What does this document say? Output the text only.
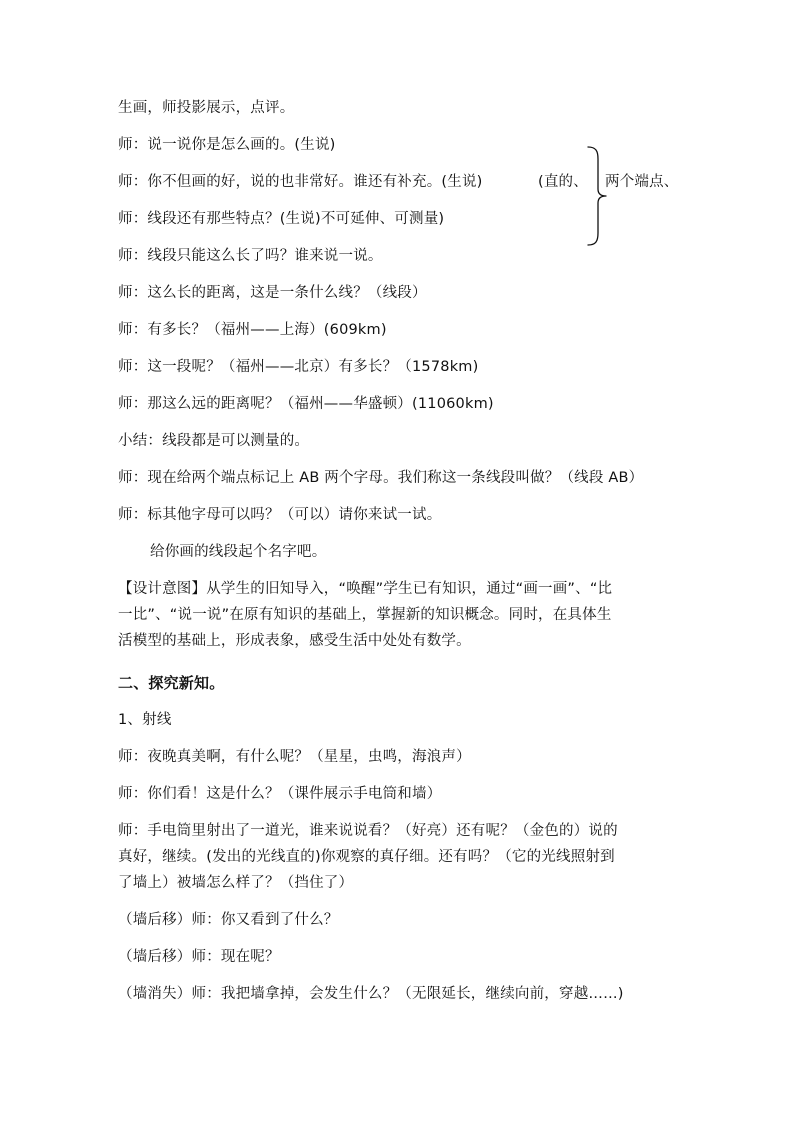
生画，师投影展示，点评。
师：说一说你是怎么画的。(生说)
师：你不但画的好，说的也非常好。谁还有补充。(生说)	(直的、 两个端点、
师：线段还有那些特点？(生说)不可延伸、可测量)
师：线段只能这么长了吗？谁来说一说。
师：这么长的距离，这是一条什么线？（线段）
师：有多长？（福州——上海）(609km)
师：这一段呢？（福州——北京）有多长？（1578km)
师：那这么远的距离呢？（福州——华盛顿）(11060km)
小结：线段都是可以测量的。
师：现在给两个端点标记上 AB 两个字母。我们称这一条线段叫做？（线段 AB）
师：标其他字母可以吗？（可以）请你来试一试。
给你画的线段起个名字吧。
【设计意图】从学生的旧知导入，“唤醒”学生已有知识，通过“画一画”、“比
一比”、“说一说”在原有知识的基础上，掌握新的知识概念。同时，在具体生
活模型的基础上，形成表象，感受生活中处处有数学。
二、探究新知。
1、射线
师：夜晚真美啊，有什么呢？（星星，虫鸣，海浪声）
师：你们看！这是什么？（课件展示手电筒和墙）
师：手电筒里射出了一道光，谁来说说看？（好亮）还有呢？（金色的）说的
真好，继续。(发出的光线直的)你观察的真仔细。还有吗？（它的光线照射到
了墙上）被墙怎么样了？（挡住了）
（墙后移）师：你又看到了什么？
（墙后移）师：现在呢？
（墙消失）师：我把墙拿掉，会发生什么？（无限延长，继续向前，穿越……)
